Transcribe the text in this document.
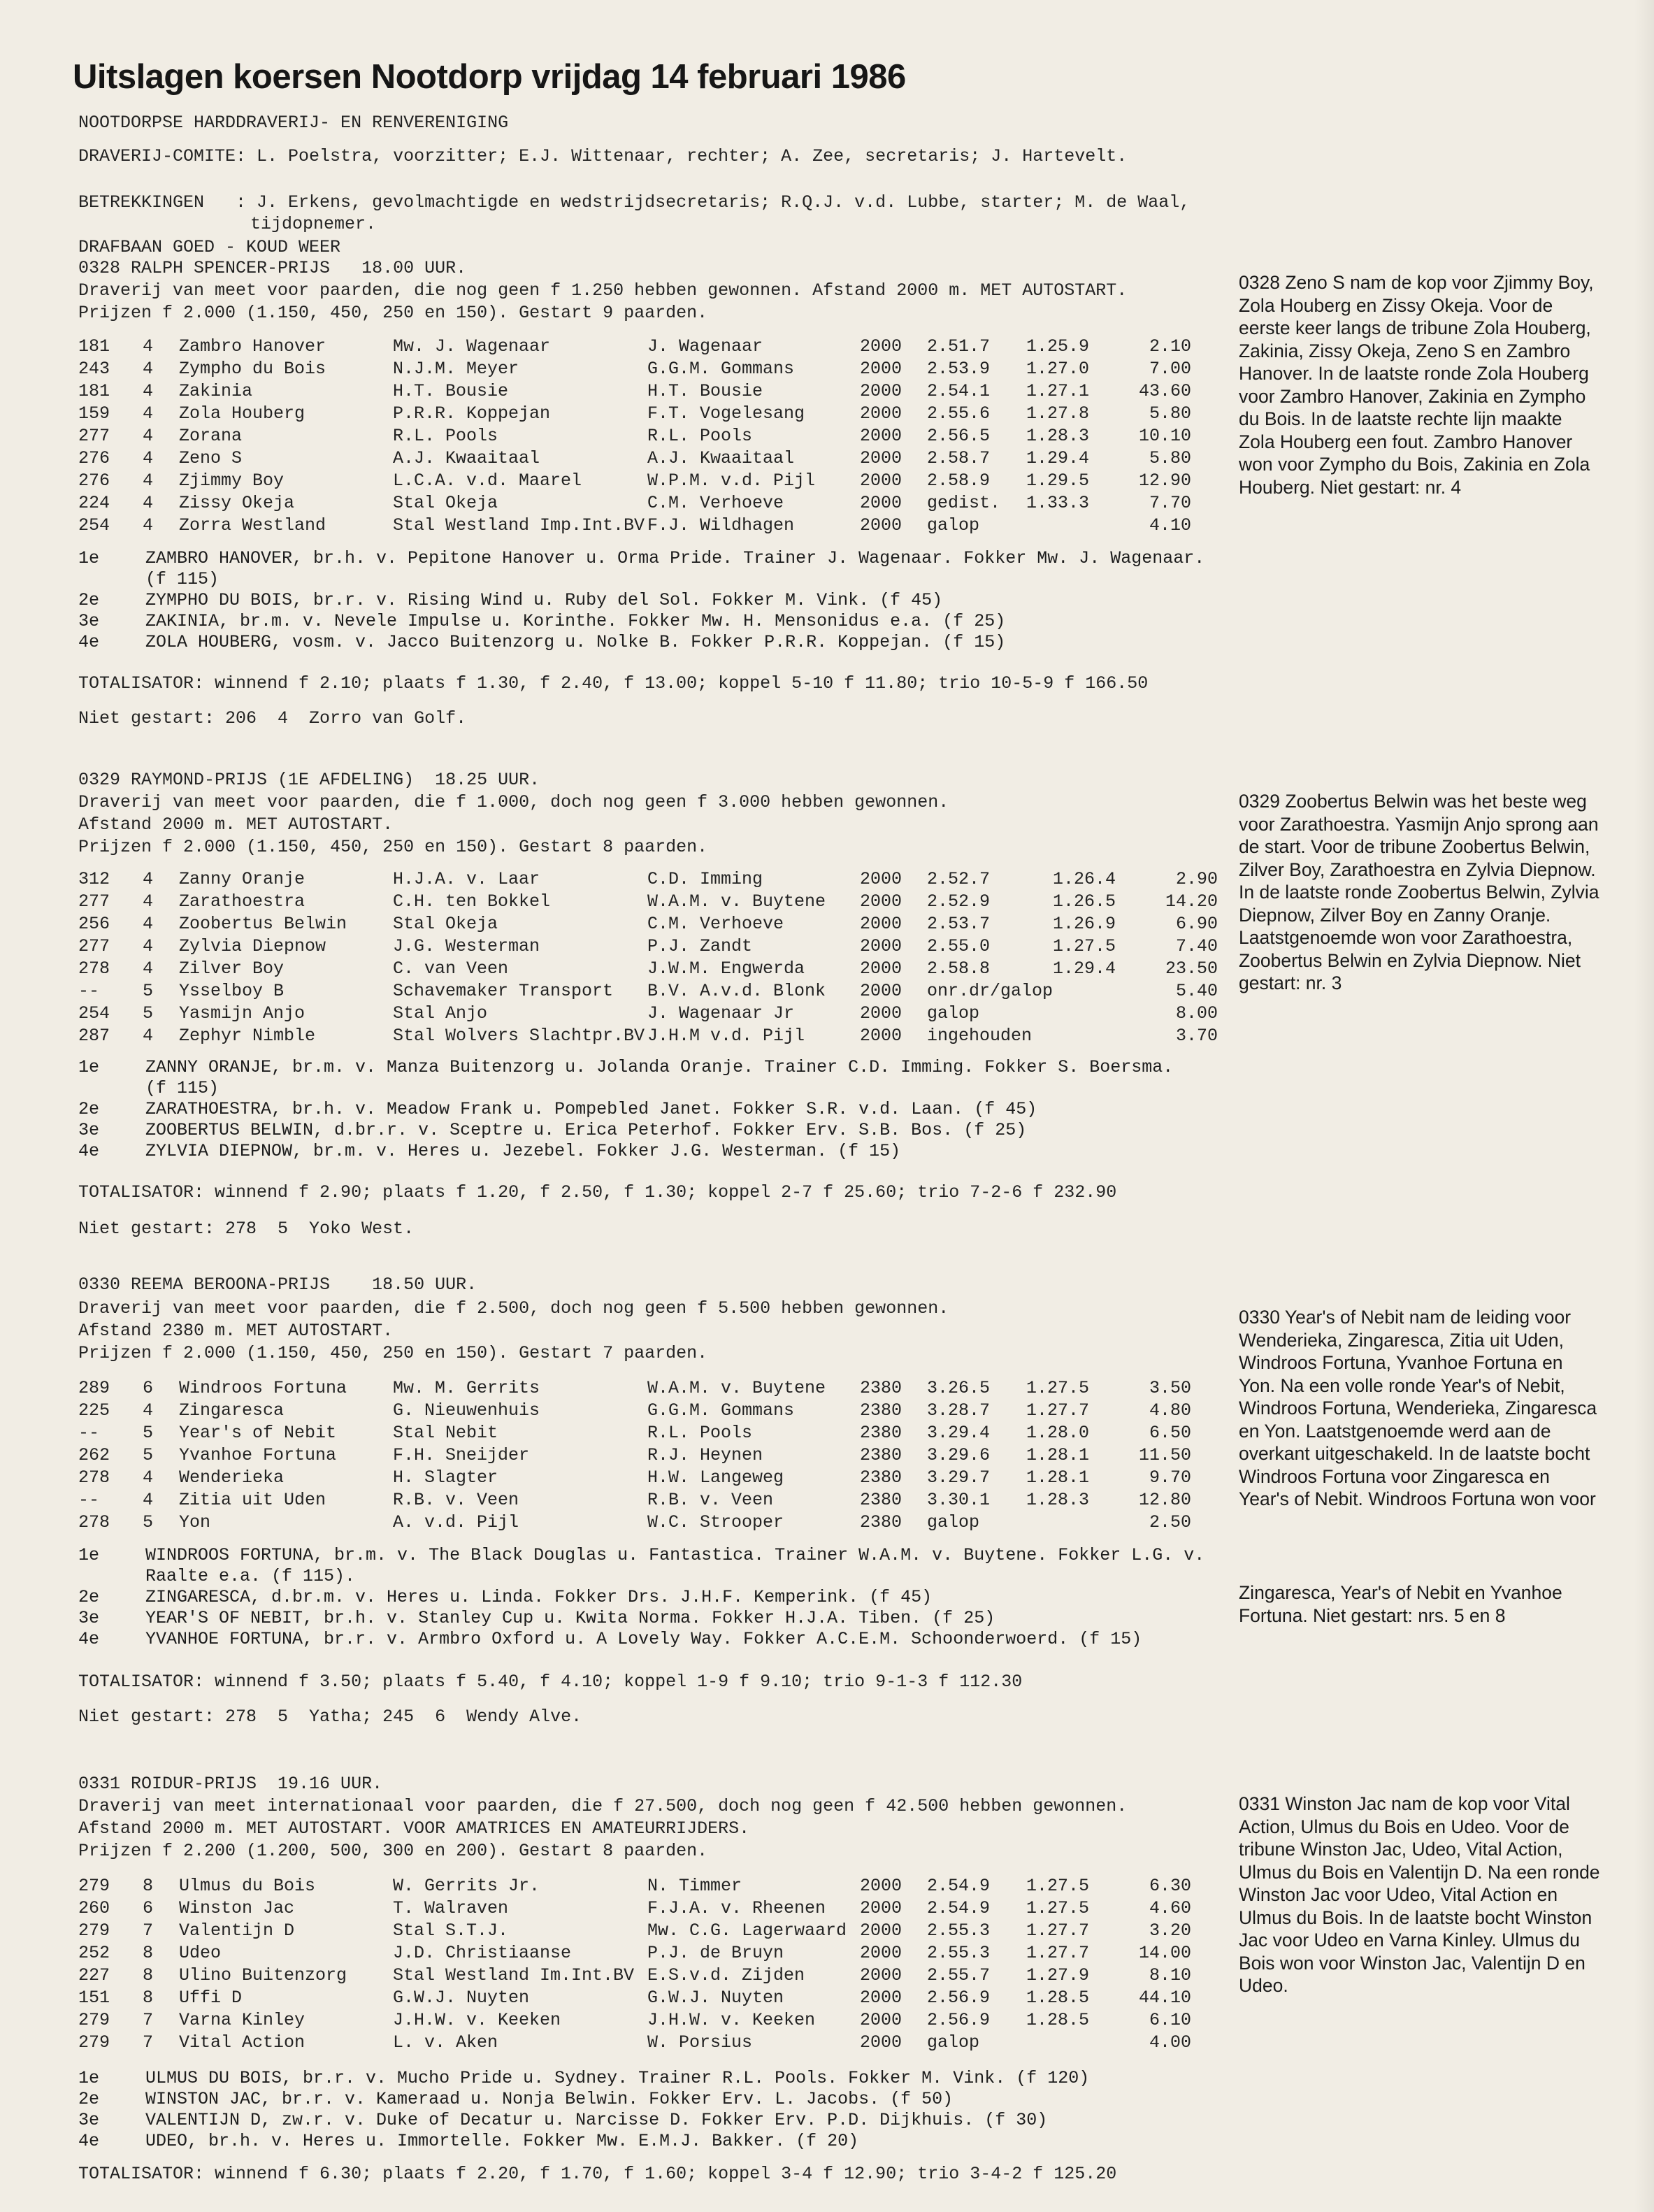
Uitslagen koersen Nootdorp vrijdag 14 februari 1986
NOOTDORPSE HARDDRAVERIJ- EN RENVERENIGING
DRAVERIJ-COMITE: L. Poelstra, voorzitter; E.J. Wittenaar, rechter; A. Zee, secretaris; J. Hartevelt.
BETREKKINGEN   : J. Erkens, gevolmachtigde en wedstrijdsecretaris; R.Q.J. v.d. Lubbe, starter; M. de Waal,
tijdopnemer.
DRAFBAAN GOED - KOUD WEER
0328 RALPH SPENCER-PRIJS   18.00 UUR.
Draverij van meet voor paarden, die nog geen f 1.250 hebben gewonnen. Afstand 2000 m. MET AUTOSTART.
Prijzen f 2.000 (1.150, 450, 250 en 150). Gestart 9 paarden.
181	4	Zambro Hanover	Mw. J. Wagenaar	J. Wagenaar	2000	2.51.7	1.25.9	2.10
243	4	Zympho du Bois	N.J.M. Meyer	G.G.M. Gommans	2000	2.53.9	1.27.0	7.00
181	4	Zakinia	H.T. Bousie	H.T. Bousie	2000	2.54.1	1.27.1	43.60
159	4	Zola Houberg	P.R.R. Koppejan	F.T. Vogelesang	2000	2.55.6	1.27.8	5.80
277	4	Zorana	R.L. Pools	R.L. Pools	2000	2.56.5	1.28.3	10.10
276	4	Zeno S	A.J. Kwaaitaal	A.J. Kwaaitaal	2000	2.58.7	1.29.4	5.80
276	4	Zjimmy Boy	L.C.A. v.d. Maarel	W.P.M. v.d. Pijl	2000	2.58.9	1.29.5	12.90
224	4	Zissy Okeja	Stal Okeja	C.M. Verhoeve	2000	gedist.	1.33.3	7.70
254	4	Zorra Westland	Stal Westland Imp.Int.BV	F.J. Wildhagen	2000	galop		4.10
1e	ZAMBRO HANOVER, br.h. v. Pepitone Hanover u. Orma Pride. Trainer J. Wagenaar. Fokker Mw. J. Wagenaar.
(f 115)
2e	ZYMPHO DU BOIS, br.r. v. Rising Wind u. Ruby del Sol. Fokker M. Vink. (f 45)
3e	ZAKINIA, br.m. v. Nevele Impulse u. Korinthe. Fokker Mw. H. Mensonidus e.a. (f 25)
4e	ZOLA HOUBERG, vosm. v. Jacco Buitenzorg u. Nolke B. Fokker P.R.R. Koppejan. (f 15)
TOTALISATOR: winnend f 2.10; plaats f 1.30, f 2.40, f 13.00; koppel 5-10 f 11.80; trio 10-5-9 f 166.50
Niet gestart: 206  4  Zorro van Golf.

0328 Zeno S nam de kop voor Zjimmy Boy, Zola Houberg en Zissy Okeja. Voor de eerste keer langs de tribune Zola Houberg, Zakinia, Zissy Okeja, Zeno S en Zambro Hanover. In de laatste ronde Zola Houberg voor Zambro Hanover, Zakinia en Zympho du Bois. In de laatste rechte lijn maakte Zola Houberg een fout. Zambro Hanover won voor Zympho du Bois, Zakinia en Zola Houberg. Niet gestart: nr. 4

0329 RAYMOND-PRIJS (1E AFDELING)  18.25 UUR.
Draverij van meet voor paarden, die f 1.000, doch nog geen f 3.000 hebben gewonnen.
Afstand 2000 m. MET AUTOSTART.
Prijzen f 2.000 (1.150, 450, 250 en 150). Gestart 8 paarden.
312	4	Zanny Oranje	H.J.A. v. Laar	C.D. Imming	2000	2.52.7	1.26.4	2.90
277	4	Zarathoestra	C.H. ten Bokkel	W.A.M. v. Buytene	2000	2.52.9	1.26.5	14.20
256	4	Zoobertus Belwin	Stal Okeja	C.M. Verhoeve	2000	2.53.7	1.26.9	6.90
277	4	Zylvia Diepnow	J.G. Westerman	P.J. Zandt	2000	2.55.0	1.27.5	7.40
278	4	Zilver Boy	C. van Veen	J.W.M. Engwerda	2000	2.58.8	1.29.4	23.50
--	5	Ysselboy B	Schavemaker Transport	B.V. A.v.d. Blonk	2000	onr.dr/galop		5.40
254	5	Yasmijn Anjo	Stal Anjo	J. Wagenaar Jr	2000	galop		8.00
287	4	Zephyr Nimble	Stal Wolvers Slachtpr.BV	J.H.M v.d. Pijl	2000	ingehouden		3.70
1e	ZANNY ORANJE, br.m. v. Manza Buitenzorg u. Jolanda Oranje. Trainer C.D. Imming. Fokker S. Boersma.
(f 115)
2e	ZARATHOESTRA, br.h. v. Meadow Frank u. Pompebled Janet. Fokker S.R. v.d. Laan. (f 45)
3e	ZOOBERTUS BELWIN, d.br.r. v. Sceptre u. Erica Peterhof. Fokker Erv. S.B. Bos. (f 25)
4e	ZYLVIA DIEPNOW, br.m. v. Heres u. Jezebel. Fokker J.G. Westerman. (f 15)
TOTALISATOR: winnend f 2.90; plaats f 1.20, f 2.50, f 1.30; koppel 2-7 f 25.60; trio 7-2-6 f 232.90
Niet gestart: 278  5  Yoko West.

0329 Zoobertus Belwin was het beste weg voor Zarathoestra. Yasmijn Anjo sprong aan de start. Voor de tribune Zoobertus Belwin, Zilver Boy, Zarathoestra en Zylvia Diepnow. In de laatste ronde Zoobertus Belwin, Zylvia Diepnow, Zilver Boy en Zanny Oranje. Laatstgenoemde won voor Zarathoestra, Zoobertus Belwin en Zylvia Diepnow. Niet gestart: nr. 3

0330 REEMA BEROONA-PRIJS    18.50 UUR.
Draverij van meet voor paarden, die f 2.500, doch nog geen f 5.500 hebben gewonnen.
Afstand 2380 m. MET AUTOSTART.
Prijzen f 2.000 (1.150, 450, 250 en 150). Gestart 7 paarden.
289	6	Windroos Fortuna	Mw. M. Gerrits	W.A.M. v. Buytene	2380	3.26.5	1.27.5	3.50
225	4	Zingaresca	G. Nieuwenhuis	G.G.M. Gommans	2380	3.28.7	1.27.7	4.80
--	5	Year's of Nebit	Stal Nebit	R.L. Pools	2380	3.29.4	1.28.0	6.50
262	5	Yvanhoe Fortuna	F.H. Sneijder	R.J. Heynen	2380	3.29.6	1.28.1	11.50
278	4	Wenderieka	H. Slagter	H.W. Langeweg	2380	3.29.7	1.28.1	9.70
--	4	Zitia uit Uden	R.B. v. Veen	R.B. v. Veen	2380	3.30.1	1.28.3	12.80
278	5	Yon	A. v.d. Pijl	W.C. Strooper	2380	galop		2.50
1e	WINDROOS FORTUNA, br.m. v. The Black Douglas u. Fantastica. Trainer W.A.M. v. Buytene. Fokker L.G. v.
Raalte e.a. (f 115).
2e	ZINGARESCA, d.br.m. v. Heres u. Linda. Fokker Drs. J.H.F. Kemperink. (f 45)
3e	YEAR'S OF NEBIT, br.h. v. Stanley Cup u. Kwita Norma. Fokker H.J.A. Tiben. (f 25)
4e	YVANHOE FORTUNA, br.r. v. Armbro Oxford u. A Lovely Way. Fokker A.C.E.M. Schoonderwoerd. (f 15)
TOTALISATOR: winnend f 3.50; plaats f 5.40, f 4.10; koppel 1-9 f 9.10; trio 9-1-3 f 112.30
Niet gestart: 278  5  Yatha; 245  6  Wendy Alve.

0330 Year's of Nebit nam de leiding voor Wenderieka, Zingaresca, Zitia uit Uden, Windroos Fortuna, Yvanhoe Fortuna en Yon. Na een volle ronde Year's of Nebit, Windroos Fortuna, Wenderieka, Zingaresca en Yon. Laatstgenoemde werd aan de overkant uitgeschakeld. In de laatste bocht Windroos Fortuna voor Zingaresca en Year's of Nebit. Windroos Fortuna won voor

Zingaresca, Year's of Nebit en Yvanhoe Fortuna. Niet gestart: nrs. 5 en 8

0331 ROIDUR-PRIJS  19.16 UUR.
Draverij van meet internationaal voor paarden, die f 27.500, doch nog geen f 42.500 hebben gewonnen.
Afstand 2000 m. MET AUTOSTART. VOOR AMATRICES EN AMATEURRIJDERS.
Prijzen f 2.200 (1.200, 500, 300 en 200). Gestart 8 paarden.
279	8	Ulmus du Bois	W. Gerrits Jr.	N. Timmer	2000	2.54.9	1.27.5	6.30
260	6	Winston Jac	T. Walraven	F.J.A. v. Rheenen	2000	2.54.9	1.27.5	4.60
279	7	Valentijn D	Stal S.T.J.	Mw. C.G. Lagerwaard	2000	2.55.3	1.27.7	3.20
252	8	Udeo	J.D. Christiaanse	P.J. de Bruyn	2000	2.55.3	1.27.7	14.00
227	8	Ulino Buitenzorg	Stal Westland Im.Int.BV	E.S.v.d. Zijden	2000	2.55.7	1.27.9	8.10
151	8	Uffi D	G.W.J. Nuyten	G.W.J. Nuyten	2000	2.56.9	1.28.5	44.10
279	7	Varna Kinley	J.H.W. v. Keeken	J.H.W. v. Keeken	2000	2.56.9	1.28.5	6.10
279	7	Vital Action	L. v. Aken	W. Porsius	2000	galop		4.00
1e	ULMUS DU BOIS, br.r. v. Mucho Pride u. Sydney. Trainer R.L. Pools. Fokker M. Vink. (f 120)
2e	WINSTON JAC, br.r. v. Kameraad u. Nonja Belwin. Fokker Erv. L. Jacobs. (f 50)
3e	VALENTIJN D, zw.r. v. Duke of Decatur u. Narcisse D. Fokker Erv. P.D. Dijkhuis. (f 30)
4e	UDEO, br.h. v. Heres u. Immortelle. Fokker Mw. E.M.J. Bakker. (f 20)
TOTALISATOR: winnend f 6.30; plaats f 2.20, f 1.70, f 1.60; koppel 3-4 f 12.90; trio 3-4-2 f 125.20

0331 Winston Jac nam de kop voor Vital Action, Ulmus du Bois en Udeo. Voor de tribune Winston Jac, Udeo, Vital Action, Ulmus du Bois en Valentijn D. Na een ronde Winston Jac voor Udeo, Vital Action en Ulmus du Bois. In de laatste bocht Winston Jac voor Udeo en Varna Kinley. Ulmus du Bois won voor Winston Jac, Valentijn D en Udeo.
